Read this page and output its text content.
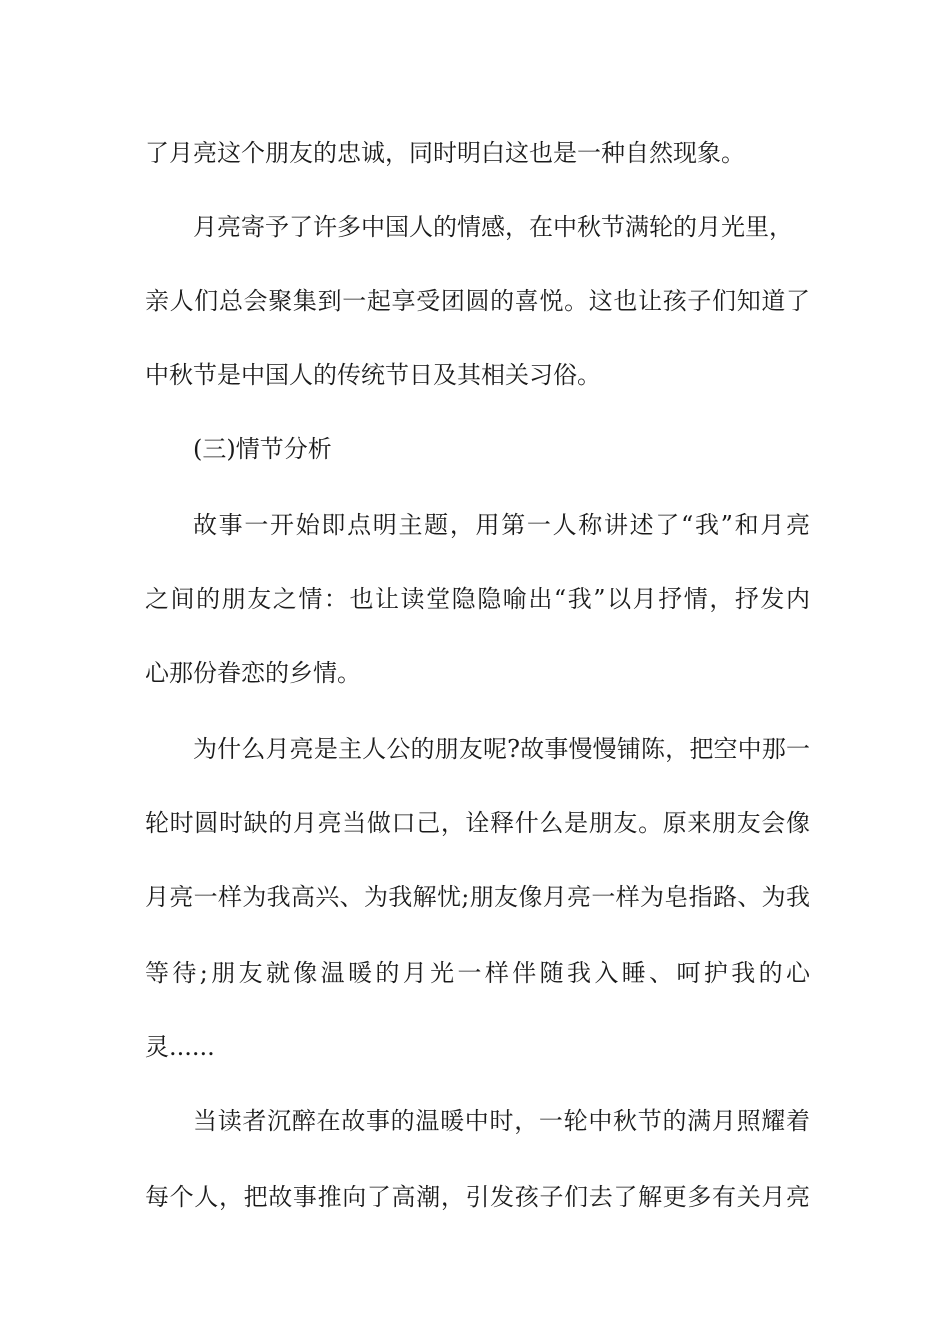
了月亮这个朋友的忠诚，同时明白这也是一种自然现象。
月亮寄予了许多中国人的情感，在中秋节满轮的月光里，
亲人们总会聚集到一起享受团圆的喜悦。这也让孩子们知道了
中秋节是中国人的传统节日及其相关习俗。
(三)情节分析
故事一开始即点明主题，用第一人称讲述了“我”和月亮
之间的朋友之情：也让读堂隐隐喻出“我”以月抒情，抒发内
心那份眷恋的乡情。
为什么月亮是主人公的朋友呢?故事慢慢铺陈，把空中那一
轮时圆时缺的月亮当做口己，诠释什么是朋友。原来朋友会像
月亮一样为我高兴、为我解忧;朋友像月亮一样为皂指路、为我
等待;朋友就像温暖的月光一样伴随我入睡、呵护我的心
灵......
当读者沉醉在故事的温暖中时，一轮中秋节的满月照耀着
每个人，把故事推向了高潮，引发孩子们去了解更多有关月亮
